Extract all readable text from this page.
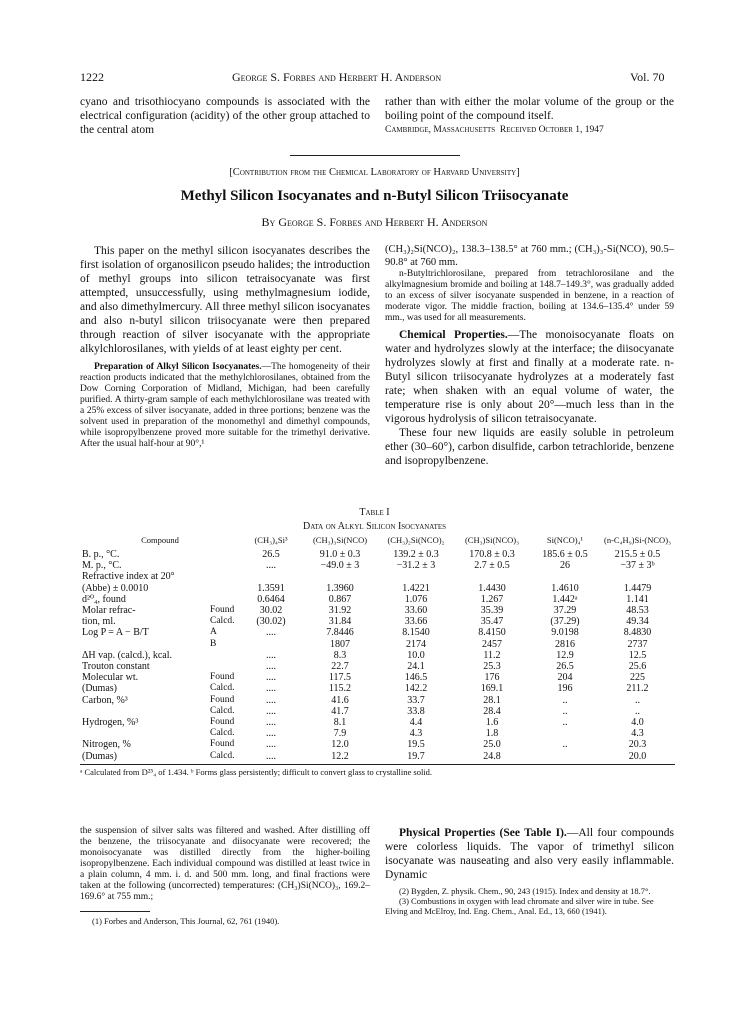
1222	George S. Forbes and Herbert H. Anderson	Vol. 70
cyano and trisothiocyano compounds is associated with the electrical configuration (acidity) of the other group attached to the central atom

rather than with either the molar volume of the group or the boiling point of the compound itself.

Cambridge, Massachusetts Received October 1, 1947

[Contribution from the Chemical Laboratory of Harvard University]
Methyl Silicon Isocyanates and n-Butyl Silicon Triisocyanate
By George S. Forbes and Herbert H. Anderson

This paper on the methyl silicon isocyanates describes the first isolation of organosilicon pseudo halides; the introduction of methyl groups into silicon tetraisocyanate was first attempted, unsuccessfully, using methylmagnesium iodide, and also dimethylmercury. All three methyl silicon isocyanates and also n-butyl silicon triisocyanate were then prepared through reaction of silver isocyanate with the appropriate alkylchlorosilanes, with yields of at least eighty per cent.

Preparation of Alkyl Silicon Isocyanates.—The homogeneity of their reaction products indicated that the methylchlorosilanes, obtained from the Dow Corning Corporation of Midland, Michigan, had been carefully purified. A thirty-gram sample of each methylchlorosilane was treated with a 25% excess of silver isocyanate, added in three portions; benzene was the solvent used in preparation of the monomethyl and dimethyl compounds, while isopropylbenzene proved more suitable for the trimethyl derivative. After the usual half-hour at 90°,¹

(CH₃)₂Si(NCO)₂, 138.3–138.5° at 760 mm.; (CH₃)₃-Si(NCO), 90.5–90.8° at 760 mm.

n-Butyltrichlorosilane, prepared from tetrachlorosilane and the alkylmagnesium bromide and boiling at 148.7–149.3°, was gradually added to an excess of silver isocyanate suspended in benzene, in a reaction of moderate vigor. The middle fraction, boiling at 134.6–135.4° under 59 mm., was used for all measurements.

Chemical Properties.—The monoisocyanate floats on water and hydrolyzes slowly at the interface; the diisocyanate hydrolyzes slowly at first and finally at a moderate rate. n-Butyl silicon triisocyanate hydrolyzes at a moderately fast rate; when shaken with an equal volume of water, the temperature rise is only about 20°—much less than in the vigorous hydrolysis of silicon tetraisocyanate.

These four new liquids are easily soluble in petroleum ether (30–60°), carbon disulfide, carbon tetrachloride, benzene and isopropylbenzene.

Table I
Data on Alkyl Silicon Isocyanates
Compound		(CH₃)₄Si³	(CH₃)₃Si(NCO)	(CH₃)₂Si(NCO)₂	(CH₃)Si(NCO)₃	Si(NCO)₄¹	(n-C₄H₉)Si-(NCO)₃
B. p., °C.		26.5	91.0 ± 0.3	139.2 ± 0.3	170.8 ± 0.3	185.6 ± 0.5	215.5 ± 0.5
M. p., °C.		....	−49.0 ± 3	−31.2 ± 3	2.7 ± 0.5	26	−37 ± 3ᵇ
Refractive index at 20°							
(Abbe) ± 0.0010		1.3591	1.3960	1.4221	1.4430	1.4610	1.4479
d²⁰₄, found		0.6464	0.867	1.076	1.267	1.442ᵃ	1.141
Molar refrac-	Found	30.02	31.92	33.60	35.39	37.29	48.53
tion, ml.	Calcd.	(30.02)	31.84	33.66	35.47	(37.29)	49.34
Log P = A − B/T	A	....	7.8446	8.1540	8.4150	9.0198	8.4830
	B		1807	2174	2457	2816	2737
ΔH vap. (calcd.), kcal.		....	8.3	10.0	11.2	12.9	12.5
Trouton constant		....	22.7	24.1	25.3	26.5	25.6
Molecular wt.	Found	....	117.5	146.5	176	204	225
(Dumas)	Calcd.	....	115.2	142.2	169.1	196	211.2
Carbon, %³	Found	....	41.6	33.7	28.1	..	..
	Calcd.	....	41.7	33.8	28.4	..	..
Hydrogen, %³	Found	....	8.1	4.4	1.6	..	4.0
	Calcd.	....	7.9	4.3	1.8		4.3
Nitrogen, %	Found	....	12.0	19.5	25.0	..	20.3
(Dumas)	Calcd.	....	12.2	19.7	24.8		20.0
ᵃ Calculated from D²⁵₄ of 1.434. ᵇ Forms glass persistently; difficult to convert glass to crystalline solid.

the suspension of silver salts was filtered and washed. After distilling off the benzene, the triisocyanate and diisocyanate were recovered; the monoisocyanate was distilled directly from the higher-boiling isopropylbenzene. Each individual compound was distilled at least twice in a plain column, 4 mm. i. d. and 500 mm. long, and final fractions were taken at the following (uncorrected) temperatures: (CH₃)Si(NCO)₃, 169.2–169.6° at 755 mm.;

(1) Forbes and Anderson, This Journal, 62, 761 (1940).

Physical Properties (See Table I).—All four compounds were colorless liquids. The vapor of trimethyl silicon isocyanate was nauseating and also very easily inflammable. Dynamic

(2) Bygden, Z. physik. Chem., 90, 243 (1915). Index and density at 18.7°.

(3) Combustions in oxygen with lead chromate and silver wire in tube. See Elving and McElroy, Ind. Eng. Chem., Anal. Ed., 13, 660 (1941).
